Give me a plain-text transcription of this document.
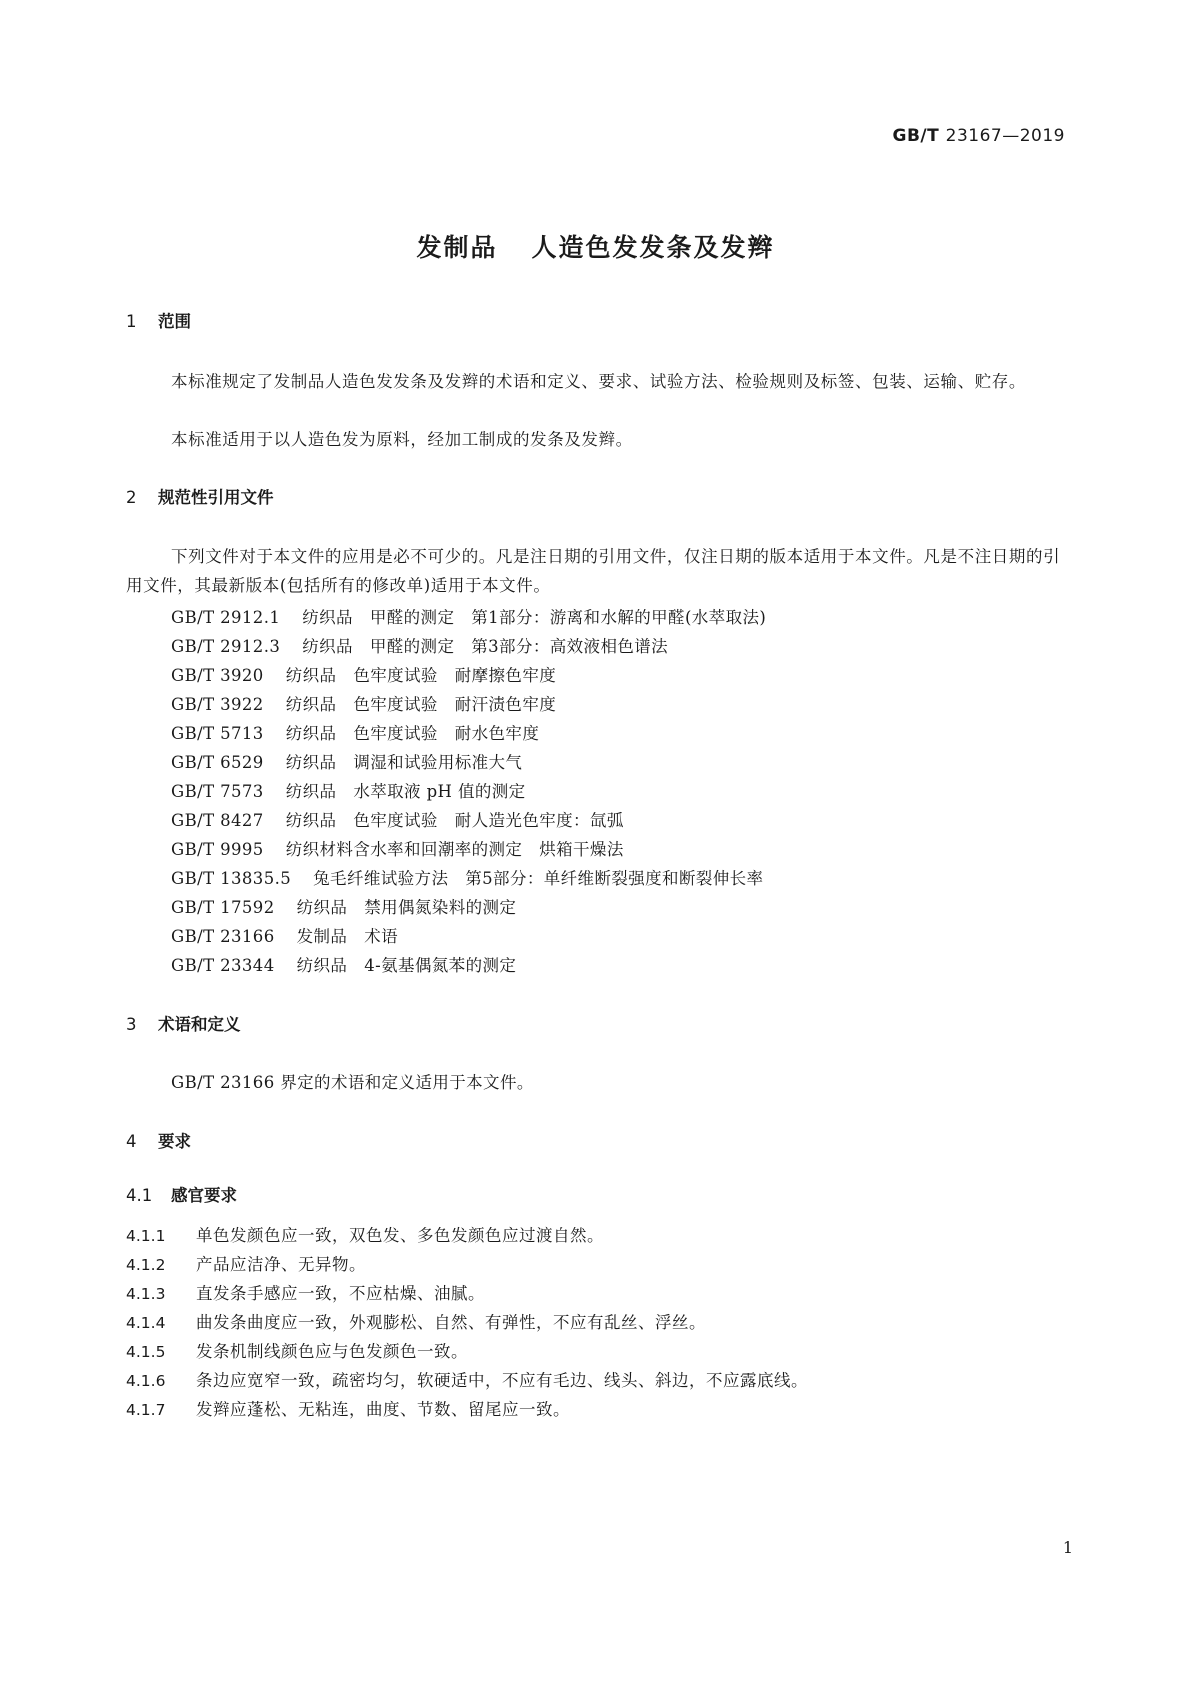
GB/T 23167—2019
发制品 人造色发发条及发辫
1 范围
本标准规定了发制品人造色发发条及发辫的术语和定义、要求、试验方法、检验规则及标签、包装、运输、贮存。
本标准适用于以人造色发为原料，经加工制成的发条及发辫。
2 规范性引用文件
下列文件对于本文件的应用是必不可少的。凡是注日期的引用文件，仅注日期的版本适用于本文件。凡是不注日期的引用文件，其最新版本(包括所有的修改单)适用于本文件。
GB/T 2912.1 纺织品　甲醛的测定　第1部分：游离和水解的甲醛(水萃取法)
GB/T 2912.3 纺织品　甲醛的测定　第3部分：高效液相色谱法
GB/T 3920 纺织品　色牢度试验　耐摩擦色牢度
GB/T 3922 纺织品　色牢度试验　耐汗渍色牢度
GB/T 5713 纺织品　色牢度试验　耐水色牢度
GB/T 6529 纺织品　调湿和试验用标准大气
GB/T 7573 纺织品　水萃取液 pH 值的测定
GB/T 8427 纺织品　色牢度试验　耐人造光色牢度：氙弧
GB/T 9995 纺织材料含水率和回潮率的测定　烘箱干燥法
GB/T 13835.5 兔毛纤维试验方法　第5部分：单纤维断裂强度和断裂伸长率
GB/T 17592 纺织品　禁用偶氮染料的测定
GB/T 23166 发制品　术语
GB/T 23344 纺织品　4-氨基偶氮苯的测定
3 术语和定义
GB/T 23166 界定的术语和定义适用于本文件。
4 要求
4.1 感官要求
4.1.1 单色发颜色应一致，双色发、多色发颜色应过渡自然。
4.1.2 产品应洁净、无异物。
4.1.3 直发条手感应一致，不应枯燥、油腻。
4.1.4 曲发条曲度应一致，外观膨松、自然、有弹性，不应有乱丝、浮丝。
4.1.5 发条机制线颜色应与色发颜色一致。
4.1.6 条边应宽窄一致，疏密均匀，软硬适中，不应有毛边、线头、斜边，不应露底线。
4.1.7 发辫应蓬松、无粘连，曲度、节数、留尾应一致。
1
